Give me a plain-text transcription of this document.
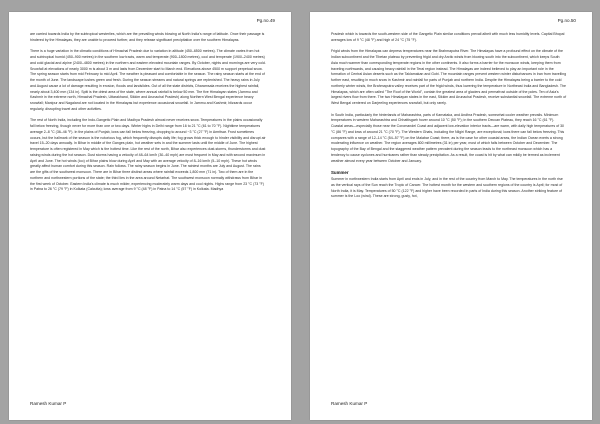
Pg.no.49

are carried towards India by the subtropical westerlies, which are the prevailing winds blowing at North India's range of latitude. Once their passage is hindered by the Himalayas, they are unable to proceed further, and they release significant precipitation over the southern Himalayas.

There is a huge variation in the climatic conditions of Himachal Pradesh due to variation in altitude (450–6500 metres). The climate varies from hot and subtropical humid (450–900 metres) in the southern low tracts, warm and temperate (900–1800 metres), cool and temperate (1900–2400 metres) and cold glacial and alpine (2400–4800 metres) in the northern and eastern elevated mountain ranges. By October, nights and mornings are very cold. Snowfall at elevations of nearly 3000 m is about 3 m and lasts from December start to March end. Elevations above 4500 m support perpetual snow. The spring season starts from mid February to mid April. The weather is pleasant and comfortable in the season. The rainy season starts at the end of the month of June. The landscape lushes green and fresh. During the season streams and natural springs are replenished. The heavy rains in July and August cause a lot of damage resulting in erosion, floods and landslides. Out of all the state districts, Dharamsala receives the highest rainfall, nearly about 3,400 mm (134 in). Spiti is the driest area of the state, where annual rainfall is below 50 mm. The five Himalayan states (Jammu and Kashmir in the extreme north, Himachal Pradesh, Uttarakhand, Sikkim and Arunachal Pradesh) along Northern West Bengal experience heavy snowfall; Manipur and Nagaland are not located in the Himalayas but experience occasional snowfall. In Jammu and Kashmir, blizzards occur regularly, disrupting travel and other activities.

The rest of North India, including the Indo-Gangetic Plain and Madhya Pradesh almost never receives snow. Temperatures in the plains occasionally fall below freezing, though never for more than one or two days. Winter highs in Delhi range from 16 to 21 °C (61 to 70 °F). Nighttime temperatures average 2–8 °C (36–46 °F). In the plains of Punjab, lows can fall below freezing, dropping to around −3 °C (27 °F) in Amritsar. Frost sometimes occurs, but the hallmark of the season is the notorious fog, which frequently disrupts daily life; fog grows thick enough to hinder visibility and disrupt air travel 15–20 days annually. In Bihar in middle of the Ganges plain, hot weather sets in and the summer lasts until the middle of June. The highest temperature is often registered in May which is the hottest time. Like the rest of the north, Bihar also experiences dust-storms, thunderstorms and dust raising winds during the hot season. Dust storms having a velocity of 48–64 km/h (30–40 mph) are most frequent in May and with second maximum in April and June. The hot winds (loo) of Bihar plains blow during April and May with an average velocity of 8–16 km/h (5–10 mph). These hot winds greatly affect human comfort during this season. Rain follows. The rainy season begins in June. The rainiest months are July and August. The rains are the gifts of the southwest monsoon. There are in Bihar three distinct areas where rainfall exceeds 1,800 mm (71 in). Two of them are in the northern and northwestern portions of the state; the third lies in the area around Netarhat. The southwest monsoon normally withdraws from Bihar in the first week of October. Eastern India's climate is much milder, experiencing moderately warm days and cool nights. Highs range from 23 °C (73 °F) in Patna to 26 °C (79 °F) in Kolkata (Calcutta); lows average from 9 °C (48 °F) in Patna to 14 °C (57 °F) in Kolkata. Madhya

Ramesh Kumar P
Pg.no.50

Pradesh which is towards the south-western side of the Gangetic Plain similar conditions prevail albeit with much less humidity levels. Capital Bhopal averages low of 9 °C (48 °F) and high of 24 °C (75 °F).

Frigid winds from the Himalayas can depress temperatures near the Brahmaputra River. The Himalayas have a profound effect on the climate of the Indian subcontinent and the Tibetan plateau by preventing frigid and dry Arctic winds from blowing south into the subcontinent, which keeps South Asia much warmer than corresponding temperate regions in the other continents. It also forms a barrier for the monsoon winds, keeping them from traveling northwards, and causing heavy rainfall in the Terai region instead. The Himalayas are indeed believed to play an important role in the formation of Central Asian deserts such as the Taklamakan and Gobi. The mountain ranges prevent western winter disturbances in Iran from travelling further east, resulting in much snow in Kashmir and rainfall for parts of Punjab and northern India. Despite the Himalayas being a barrier to the cold northerly winter winds, the Brahmaputra valley receives part of the frigid winds, thus lowering the temperature in Northeast India and Bangladesh. The Himalayas, which are often called "The Roof of the World", contain the greatest area of glaciers and permafrost outside of the poles. Ten of Asia's largest rivers flow from there. The two Himalayan states in the east, Sikkim and Arunachal Pradesh, receive substantial snowfall. The extreme north of West Bengal centered on Darjeeling experiences snowfall, but only rarely.

In South India, particularly the hinterlands of Maharashtra, parts of Karnataka, and Andhra Pradesh, somewhat cooler weather prevails. Minimum temperatures in western Maharashtra and Chhattisgarh hover around 10 °C (50 °F); in the southern Deccan Plateau, they reach 16 °C (61 °F). Coastal areas—especially those near the Coromandel Coast and adjacent low-elevation interior tracts—are warm, with daily high temperatures of 30 °C (86 °F) and lows of around 21 °C (70 °F). The Western Ghats, including the Nilgiri Range, are exceptional; lows there can fall below freezing. This compares with a range of 12–14 °C (54–57 °F) on the Malabar Coast; there, as is the case for other coastal areas, the Indian Ocean exerts a strong moderating influence on weather. The region averages 800 millimetres (31 in) per year, most of which falls between October and December. The topography of the Bay of Bengal and the staggered weather pattern prevalent during the season leads to the northeast monsoon which has a tendency to cause cyclones and hurricanes rather than steady precipitation. As a result, the coast is hit by what can mildly be termed as inclement weather almost every year between October and January.

Summer

Summer in northwestern India starts from April and ends in July, and in the rest of the country from March to May. The temperatures in the north rise as the vertical rays of the Sun reach the Tropic of Cancer. The hottest month for the western and southern regions of the country is April; for most of North India, it is May. Temperatures of 50 °C (122 °F) and higher have been recorded in parts of India during this season. Another striking feature of summer is the Loo (wind). These are strong, gusty, hot,

Ramesh Kumar P
